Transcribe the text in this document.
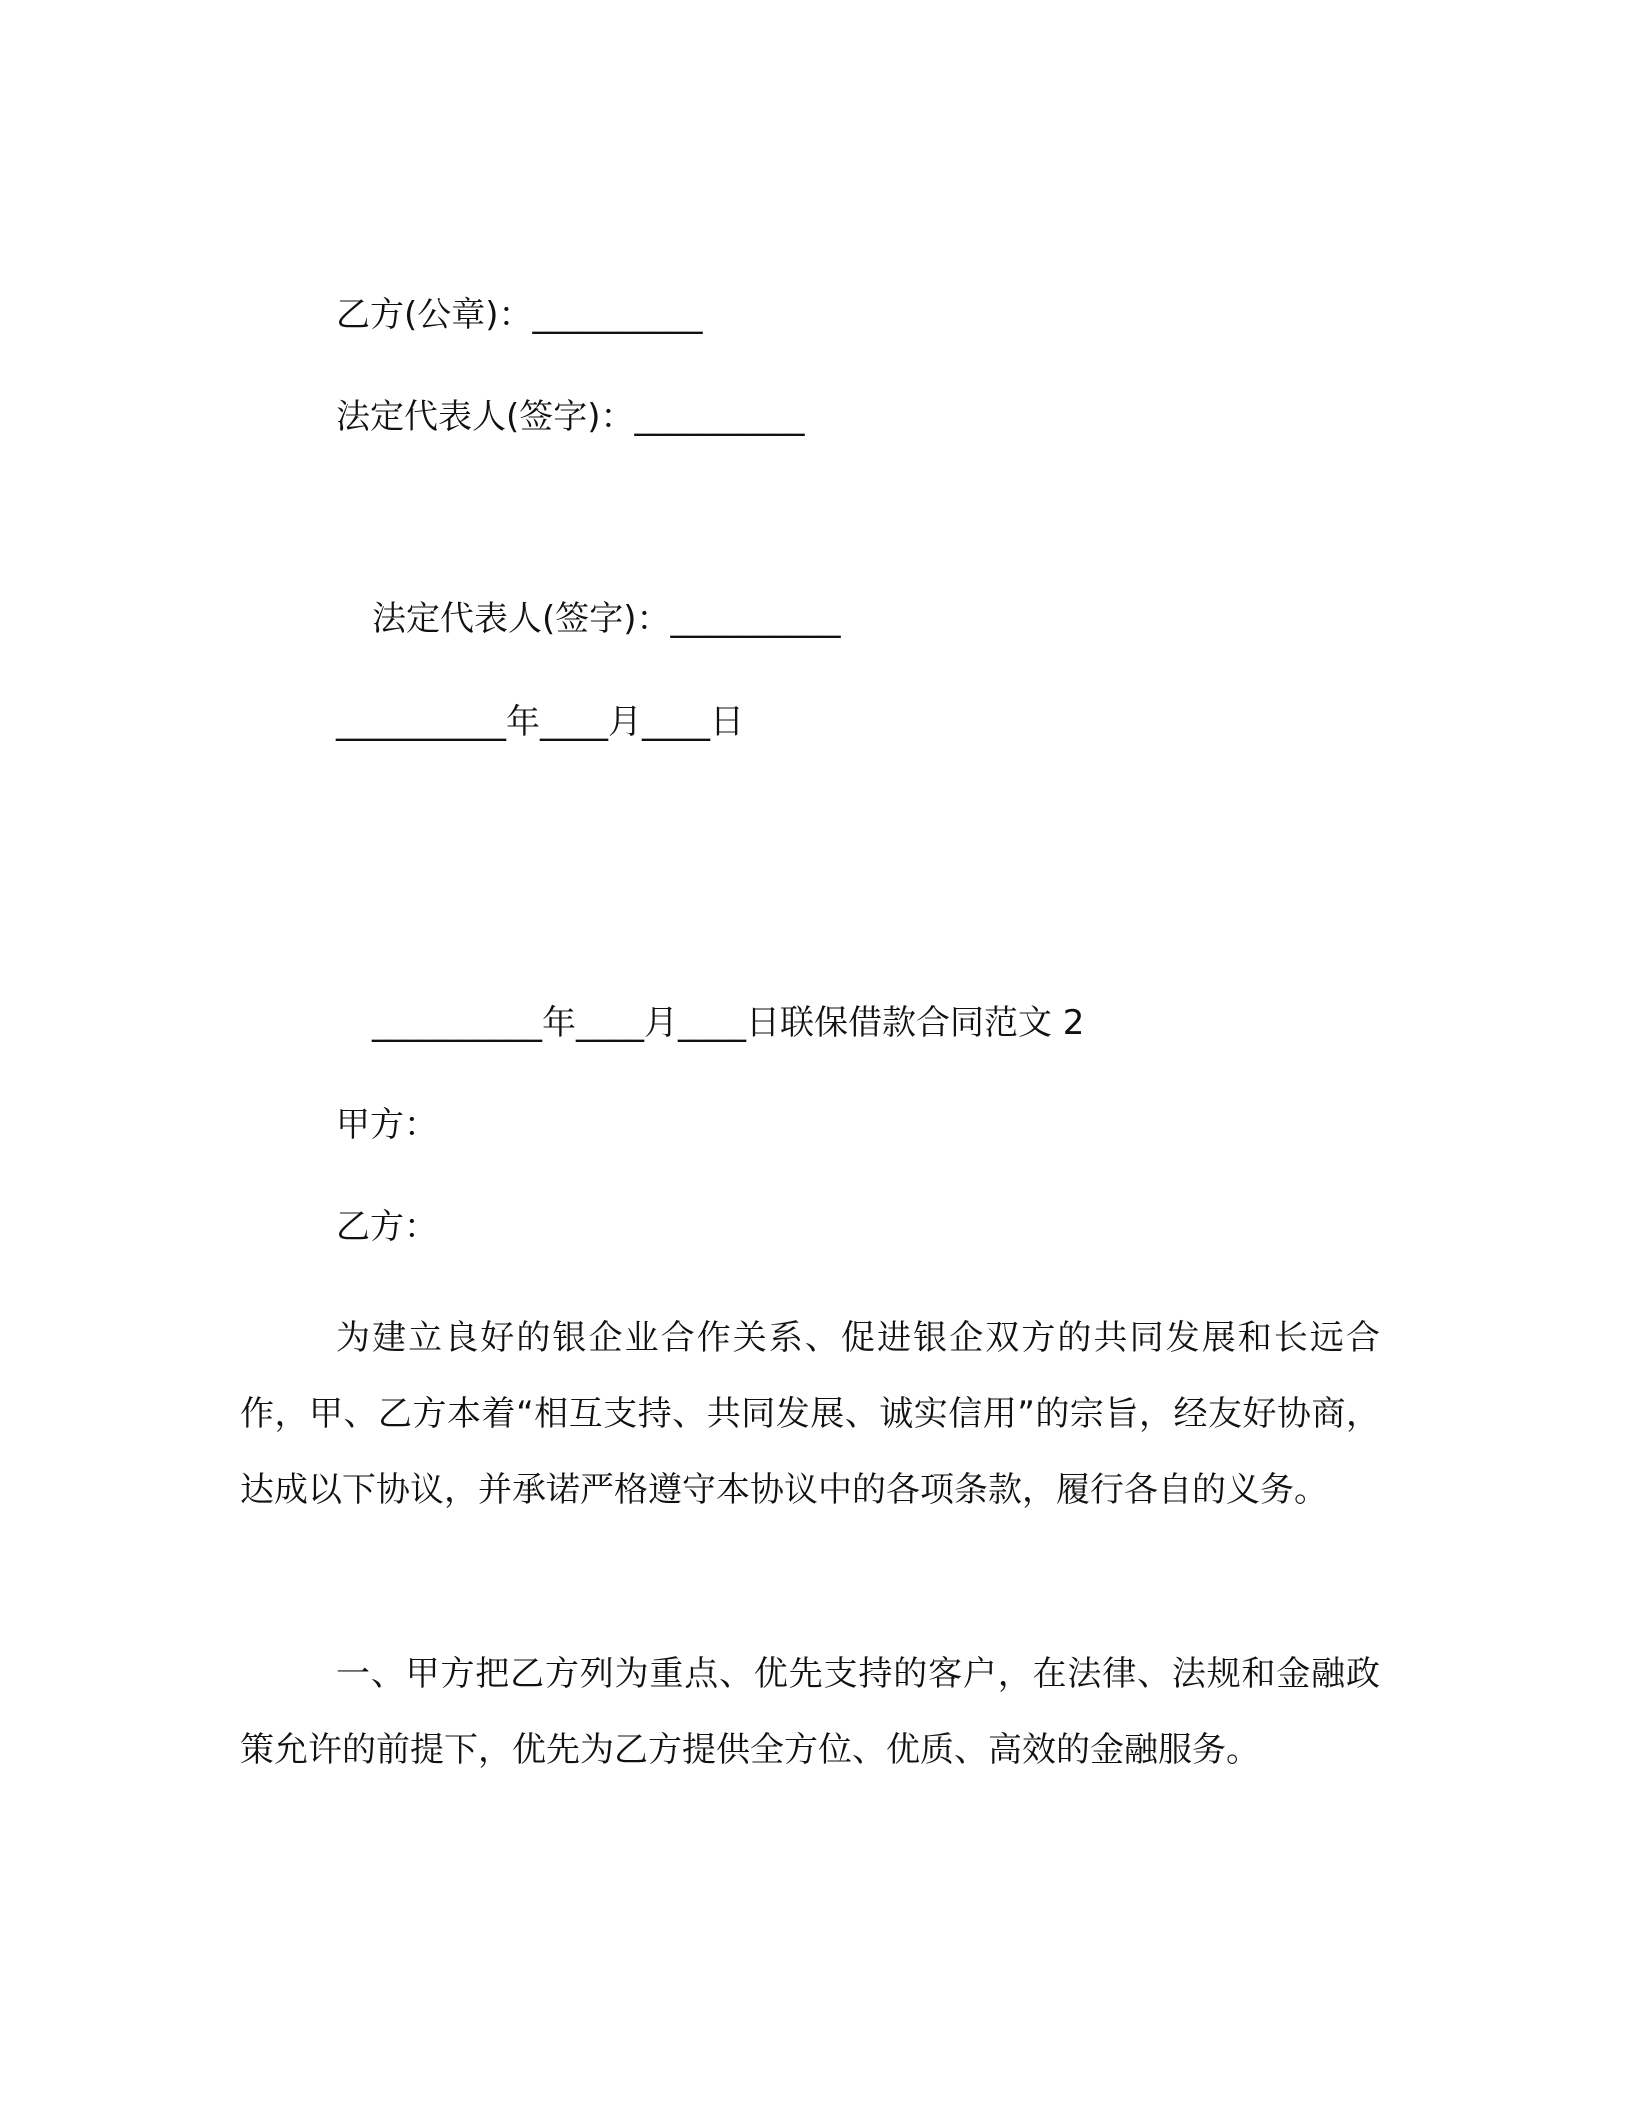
乙方(公章)：__________

法定代表人(签字)：__________

法定代表人(签字)：__________

__________年____月____日

__________年____月____日联保借款合同范文 2

甲方：

乙方：

为建立良好的银企业合作关系、促进银企双方的共同发展和长远合作，甲、乙方本着“相互支持、共同发展、诚实信用”的宗旨，经友好协商，达成以下协议，并承诺严格遵守本协议中的各项条款，履行各自的义务。

一、甲方把乙方列为重点、优先支持的客户，在法律、法规和金融政策允许的前提下，优先为乙方提供全方位、优质、高效的金融服务。
